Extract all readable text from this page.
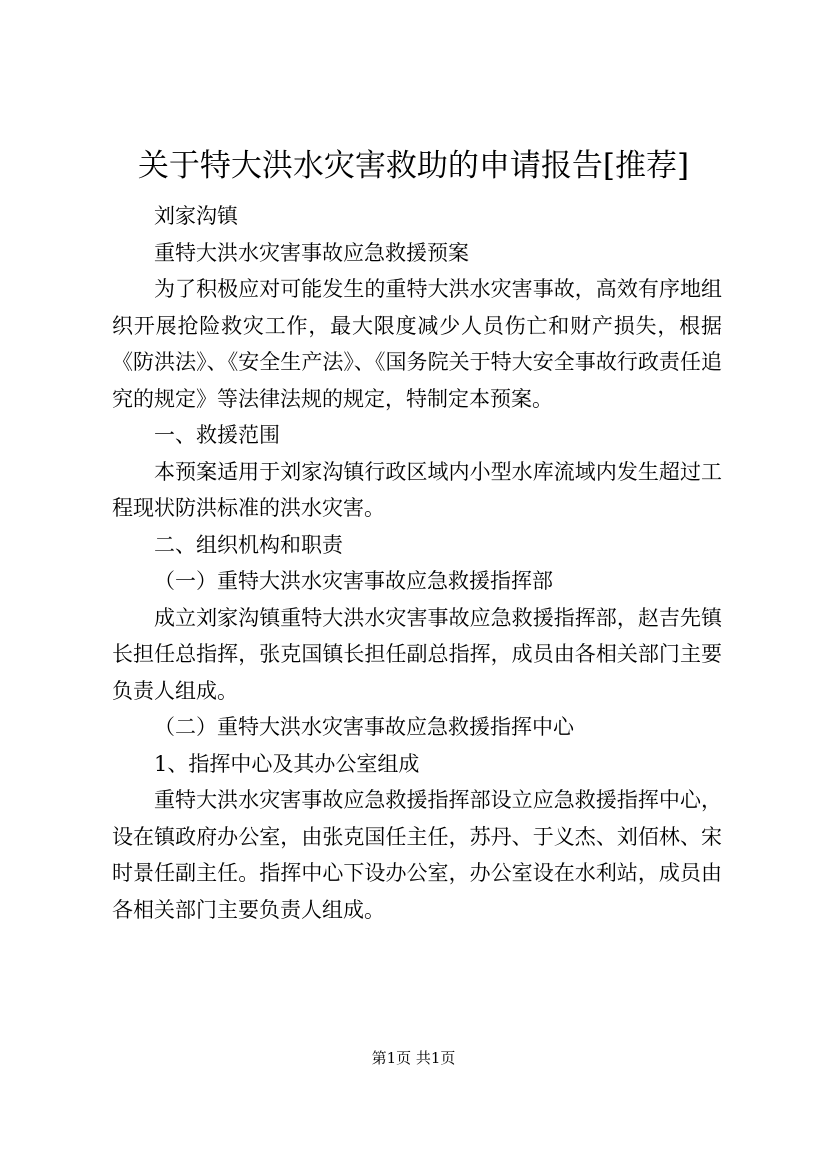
关于特大洪水灾害救助的申请报告[推荐]

刘家沟镇

重特大洪水灾害事故应急救援预案

为了积极应对可能发生的重特大洪水灾害事故，高效有序地组织开展抢险救灾工作，最大限度减少人员伤亡和财产损失，根据《防洪法》、《安全生产法》、《国务院关于特大安全事故行政责任追究的规定》等法律法规的规定，特制定本预案。

一、救援范围

本预案适用于刘家沟镇行政区域内小型水库流域内发生超过工程现状防洪标准的洪水灾害。

二、组织机构和职责

（一）重特大洪水灾害事故应急救援指挥部

成立刘家沟镇重特大洪水灾害事故应急救援指挥部，赵吉先镇长担任总指挥，张克国镇长担任副总指挥，成员由各相关部门主要负责人组成。

（二）重特大洪水灾害事故应急救援指挥中心

1、指挥中心及其办公室组成

重特大洪水灾害事故应急救援指挥部设立应急救援指挥中心，设在镇政府办公室，由张克国任主任，苏丹、于义杰、刘佰林、宋时景任副主任。指挥中心下设办公室，办公室设在水利站，成员由各相关部门主要负责人组成。

第1页 共1页
